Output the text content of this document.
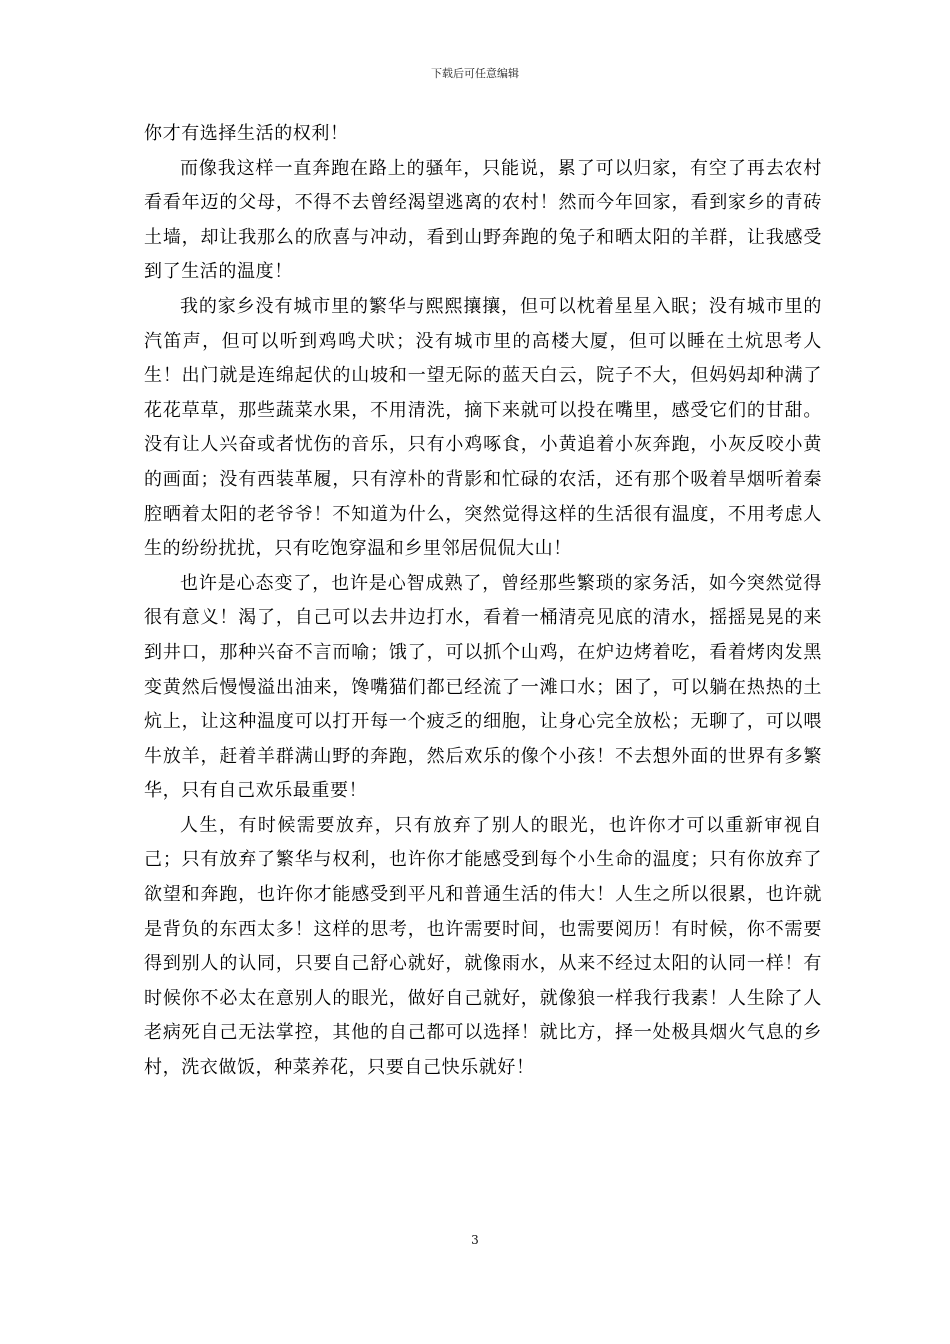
下载后可任意编辑

你才有选择生活的权利！

而像我这样一直奔跑在路上的骚年，只能说，累了可以归家，有空了再去农村看看年迈的父母，不得不去曾经渴望逃离的农村！然而今年回家，看到家乡的青砖土墙，却让我那么的欣喜与冲动，看到山野奔跑的兔子和晒太阳的羊群，让我感受到了生活的温度！

我的家乡没有城市里的繁华与熙熙攘攘，但可以枕着星星入眠；没有城市里的汽笛声，但可以听到鸡鸣犬吠；没有城市里的高楼大厦，但可以睡在土炕思考人生！出门就是连绵起伏的山坡和一望无际的蓝天白云，院子不大，但妈妈却种满了花花草草，那些蔬菜水果，不用清洗，摘下来就可以投在嘴里，感受它们的甘甜。没有让人兴奋或者忧伤的音乐，只有小鸡啄食，小黄追着小灰奔跑，小灰反咬小黄的画面；没有西装革履，只有淳朴的背影和忙碌的农活，还有那个吸着旱烟听着秦腔晒着太阳的老爷爷！不知道为什么，突然觉得这样的生活很有温度，不用考虑人生的纷纷扰扰，只有吃饱穿温和乡里邻居侃侃大山！

也许是心态变了，也许是心智成熟了，曾经那些繁琐的家务活，如今突然觉得很有意义！渴了，自己可以去井边打水，看着一桶清亮见底的清水，摇摇晃晃的来到井口，那种兴奋不言而喻；饿了，可以抓个山鸡，在炉边烤着吃，看着烤肉发黑变黄然后慢慢溢出油来，馋嘴猫们都已经流了一滩口水；困了，可以躺在热热的土炕上，让这种温度可以打开每一个疲乏的细胞，让身心完全放松；无聊了，可以喂牛放羊，赶着羊群满山野的奔跑，然后欢乐的像个小孩！不去想外面的世界有多繁华，只有自己欢乐最重要！

人生，有时候需要放弃，只有放弃了别人的眼光，也许你才可以重新审视自己；只有放弃了繁华与权利，也许你才能感受到每个小生命的温度；只有你放弃了欲望和奔跑，也许你才能感受到平凡和普通生活的伟大！人生之所以很累，也许就是背负的东西太多！这样的思考，也许需要时间，也需要阅历！有时候，你不需要得到别人的认同，只要自己舒心就好，就像雨水，从来不经过太阳的认同一样！有时候你不必太在意别人的眼光，做好自己就好，就像狼一样我行我素！人生除了人老病死自己无法掌控，其他的自己都可以选择！就比方，择一处极具烟火气息的乡村，洗衣做饭，种菜养花，只要自己快乐就好！

3
